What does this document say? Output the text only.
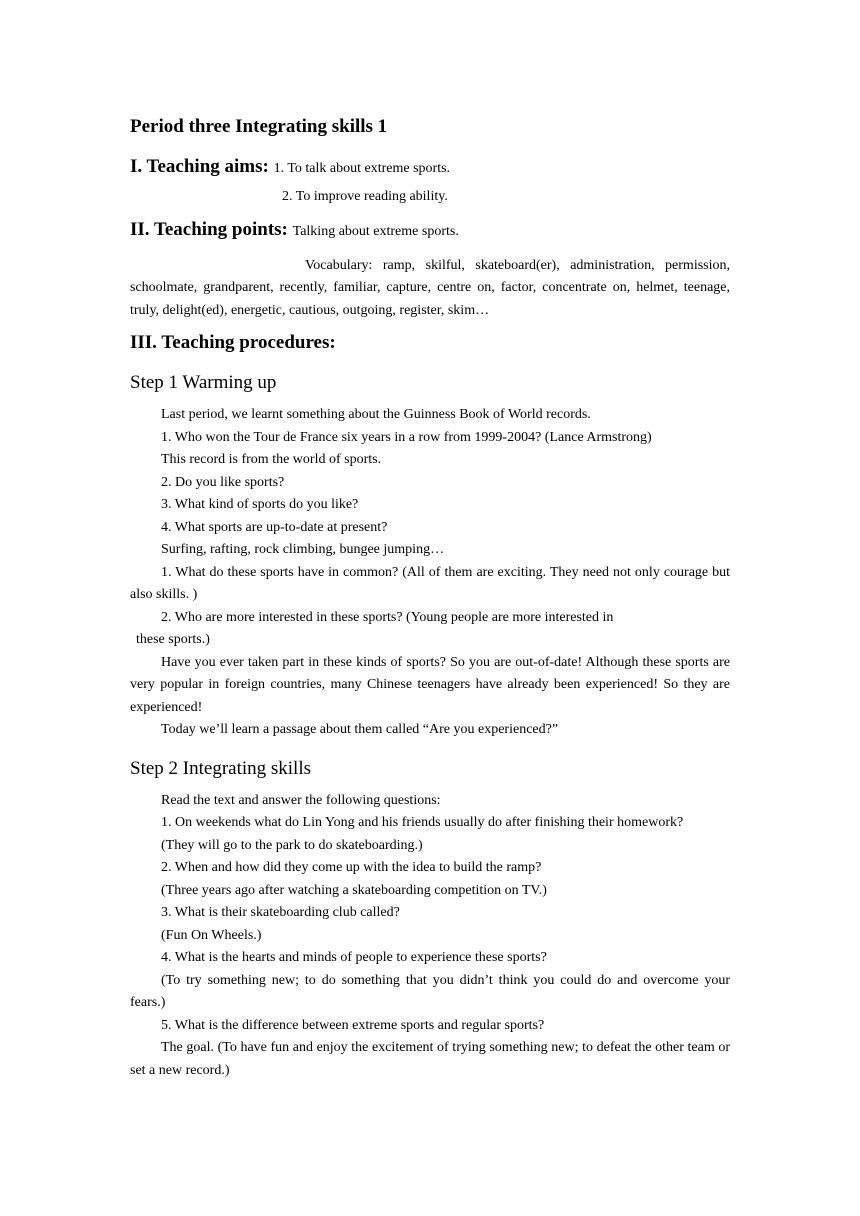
Period three Integrating skills 1
I. Teaching aims: 1. To talk about extreme sports.

2. To improve reading ability.

II. Teaching points: Talking about extreme sports.

Vocabulary: ramp, skilful, skateboard(er), administration, permission, schoolmate, grandparent, recently, familiar, capture, centre on, factor, concentrate on, helmet, teenage, truly, delight(ed), energetic, cautious, outgoing, register, skim…

III. Teaching procedures:
Step 1 Warming up

Last period, we learnt something about the Guinness Book of World records.

1. Who won the Tour de France six years in a row from 1999-2004? (Lance Armstrong)

This record is from the world of sports.

2. Do you like sports?

3. What kind of sports do you like?

4. What sports are up-to-date at present?

Surfing, rafting, rock climbing, bungee jumping…

1. What do these sports have in common? (All of them are exciting. They need not only courage but also skills. )

2. Who are more interested in these sports? (Young people are more interested in

these sports.)

Have you ever taken part in these kinds of sports? So you are out-of-date! Although these sports are very popular in foreign countries, many Chinese teenagers have already been experienced! So they are experienced!

Today we’ll learn a passage about them called “Are you experienced?”

Step 2 Integrating skills

Read the text and answer the following questions:

1. On weekends what do Lin Yong and his friends usually do after finishing their homework?

(They will go to the park to do skateboarding.)

2. When and how did they come up with the idea to build the ramp?

(Three years ago after watching a skateboarding competition on TV.)

3. What is their skateboarding club called?

(Fun On Wheels.)

4. What is the hearts and minds of people to experience these sports?

(To try something new; to do something that you didn’t think you could do and overcome your fears.)

5. What is the difference between extreme sports and regular sports?

The goal. (To have fun and enjoy the excitement of trying something new; to defeat the other team or set a new record.)
